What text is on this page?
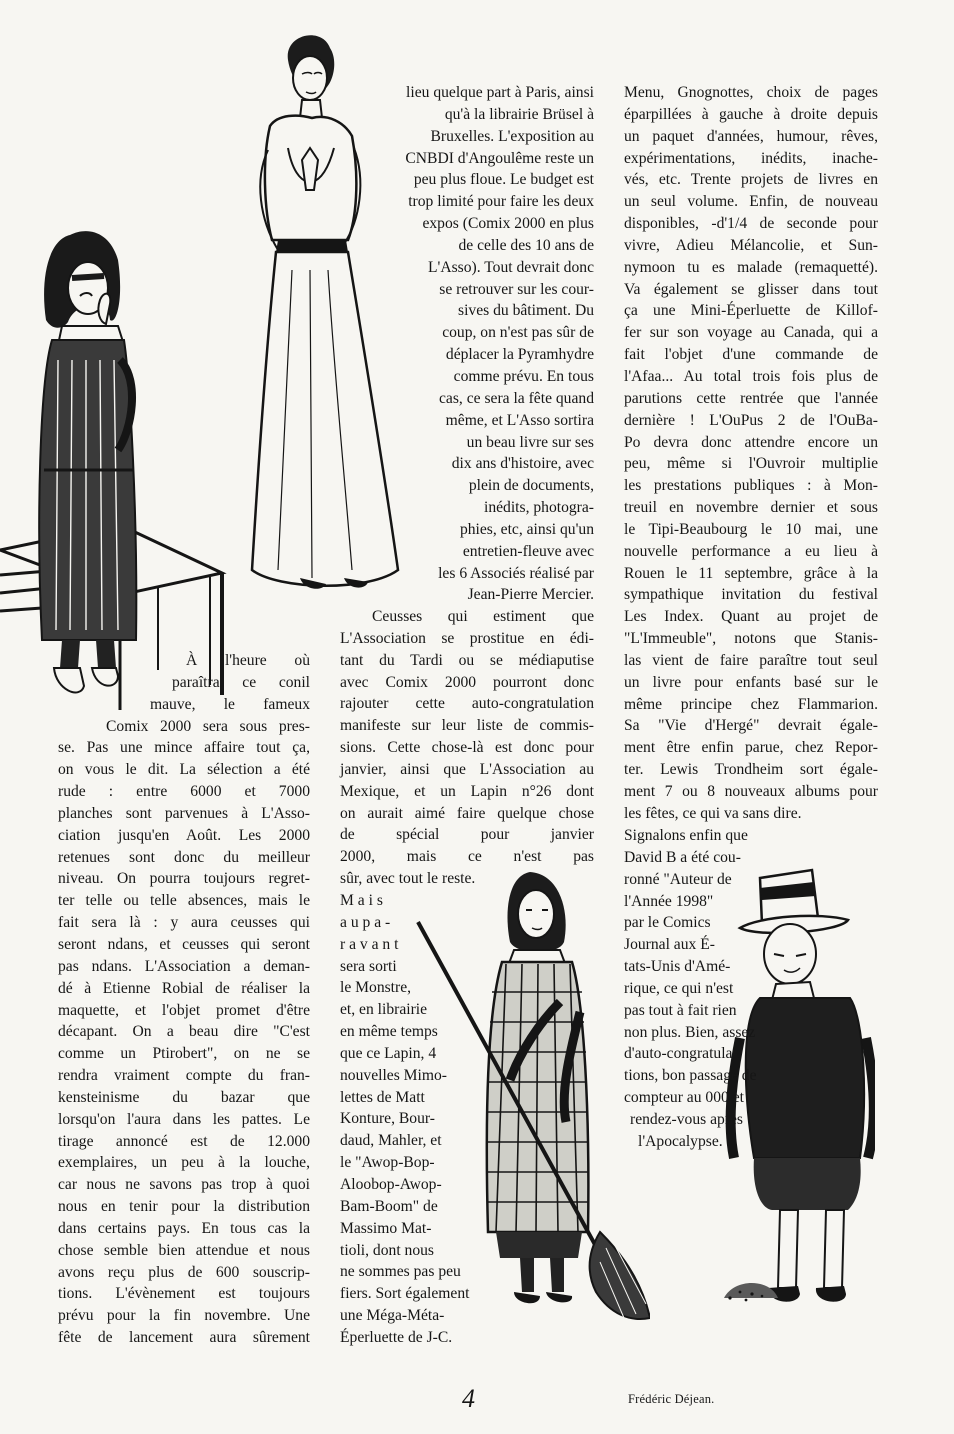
À l'heure où
paraîtra ce conil
mauve, le fameux
Comix 2000 sera sous pres-
se. Pas une mince affaire tout ça,
on vous le dit. La sélection a été
rude : entre 6000 et 7000
planches sont parvenues à L'Asso-
ciation jusqu'en Août. Les 2000
retenues sont donc du meilleur
niveau. On pourra toujours regret-
ter telle ou telle absences, mais le
fait sera là : y aura ceusses qui
seront ndans, et ceusses qui seront
pas ndans. L'Association a deman-
dé à Etienne Robial de réaliser la
maquette, et l'objet promet d'être
décapant. On a beau dire "C'est
comme un Ptirobert", on ne se
rendra vraiment compte du fran-
kensteinisme du bazar que
lorsqu'on l'aura dans les pattes. Le
tirage annoncé est de 12.000
exemplaires, un peu à la louche,
car nous ne savons pas trop à quoi
nous en tenir pour la distribution
dans certains pays. En tous cas la
chose semble bien attendue et nous
avons reçu plus de 600 souscrip-
tions. L'évènement est toujours
prévu pour la fin novembre. Une
fête de lancement aura sûrement
lieu quelque part à Paris, ainsi
qu'à la librairie Brüsel à
Bruxelles. L'exposition au
CNBDI d'Angoulême reste un
peu plus floue. Le budget est
trop limité pour faire les deux
expos (Comix 2000 en plus
de celle des 10 ans de
L'Asso). Tout devrait donc
se retrouver sur les cour-
sives du bâtiment. Du
coup, on n'est pas sûr de
déplacer la Pyramhydre
comme prévu. En tous
cas, ce sera la fête quand
même, et L'Asso sortira
un beau livre sur ses
dix ans d'histoire, avec
plein de documents,
inédits, photogra-
phies, etc, ainsi qu'un
entretien-fleuve avec
les 6 Associés réalisé par
Jean-Pierre Mercier.
Ceusses qui estiment que
L'Association se prostitue en édi-
tant du Tardi ou se médiaputise
avec Comix 2000 pourront donc
rajouter cette auto-congratulation
manifeste sur leur liste de commis-
sions. Cette chose-là est donc pour
janvier, ainsi que L'Association au
Mexique, et un Lapin n°26 dont
on aurait aimé faire quelque chose
de spécial pour janvier
2000, mais ce n'est pas
sûr, avec tout le reste.
M a i s
a u p a -
r a v a n t
sera sorti
le Monstre,
et, en librairie
en même temps
que ce Lapin, 4
nouvelles Mimo-
lettes de Matt
Konture, Bour-
daud, Mahler, et
le "Awop-Bop-
Aloobop-Awop-
Bam-Boom" de
Massimo Mat-
tioli, dont nous
ne sommes pas peu
fiers. Sort également
une Méga-Méta-
Éperluette de J-C.
Menu, Gnognottes, choix de pages
éparpillées à gauche à droite depuis
un paquet d'années, humour, rêves,
expérimentations, inédits, inache-
vés, etc. Trente projets de livres en
un seul volume. Enfin, de nouveau
disponibles, -d'1/4 de seconde pour
vivre, Adieu Mélancolie, et Sun-
nymoon tu es malade (remaquetté).
Va également se glisser dans tout
ça une Mini-Éperluette de Killof-
fer sur son voyage au Canada, qui a
fait l'objet d'une commande de
l'Afaa... Au total trois fois plus de
parutions cette rentrée que l'année
dernière ! L'OuPus 2 de l'OuBa-
Po devra donc attendre encore un
peu, même si l'Ouvroir multiplie
les prestations publiques : à Mon-
treuil en novembre dernier et sous
le Tipi-Beaubourg le 10 mai, une
nouvelle performance a eu lieu à
Rouen le 11 septembre, grâce à la
sympathique invitation du festival
Les Index. Quant au projet de
"L'Immeuble", notons que Stanis-
las vient de faire paraître tout seul
un livre pour enfants basé sur le
même principe chez Flammarion.
Sa "Vie d'Hergé" devrait égale-
ment être enfin parue, chez Repor-
ter. Lewis Trondheim sort égale-
ment 7 ou 8 nouveaux albums pour
les fêtes, ce qui va sans dire.
Signalons enfin que
David B a été cou-
ronné "Auteur de
l'Année 1998"
par le Comics
Journal aux É-
tats-Unis d'Amé-
rique, ce qui n'est
pas tout à fait rien
non plus. Bien, assez
d'auto-congratula-
tions, bon passage de
compteur au 000 et
rendez-vous après
l'Apocalypse.
4	Frédéric Déjean.
